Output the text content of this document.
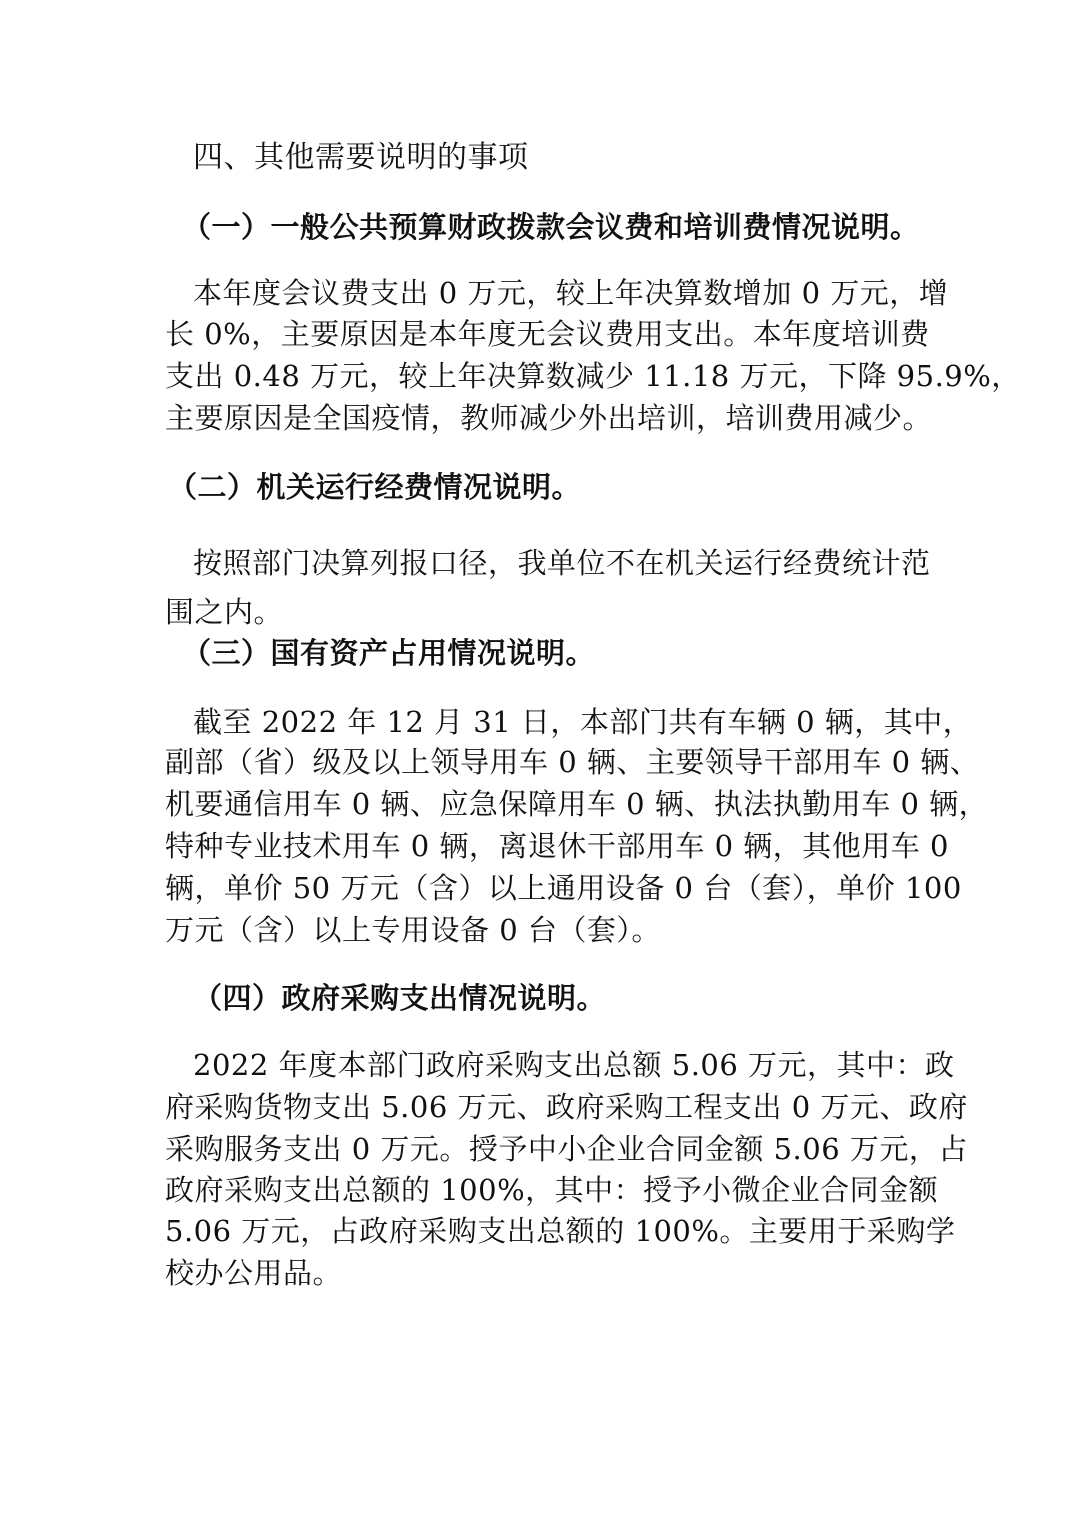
四、其他需要说明的事项
（一）一般公共预算财政拨款会议费和培训费情况说明。
本年度会议费支出 0 万元，较上年决算数增加 0 万元，增
长 0%，主要原因是本年度无会议费用支出。本年度培训费
支出 0.48 万元，较上年决算数减少 11.18 万元，下降 95.9%，
主要原因是全国疫情，教师减少外出培训，培训费用减少。
（二）机关运行经费情况说明。
按照部门决算列报口径，我单位不在机关运行经费统计范
围之内。
（三）国有资产占用情况说明。
截至 2022 年 12 月 31 日，本部门共有车辆 0 辆，其中，
副部（省）级及以上领导用车 0 辆、主要领导干部用车 0 辆、
机要通信用车 0 辆、应急保障用车 0 辆、执法执勤用车 0 辆，
特种专业技术用车 0 辆，离退休干部用车 0 辆，其他用车 0
辆，单价 50 万元（含）以上通用设备 0 台（套），单价 100
万元（含）以上专用设备 0 台（套）。
（四）政府采购支出情况说明。
2022 年度本部门政府采购支出总额 5.06 万元，其中：政
府采购货物支出 5.06 万元、政府采购工程支出 0 万元、政府
采购服务支出 0 万元。授予中小企业合同金额 5.06 万元，占
政府采购支出总额的 100%，其中：授予小微企业合同金额
5.06 万元，占政府采购支出总额的 100%。主要用于采购学
校办公用品。
